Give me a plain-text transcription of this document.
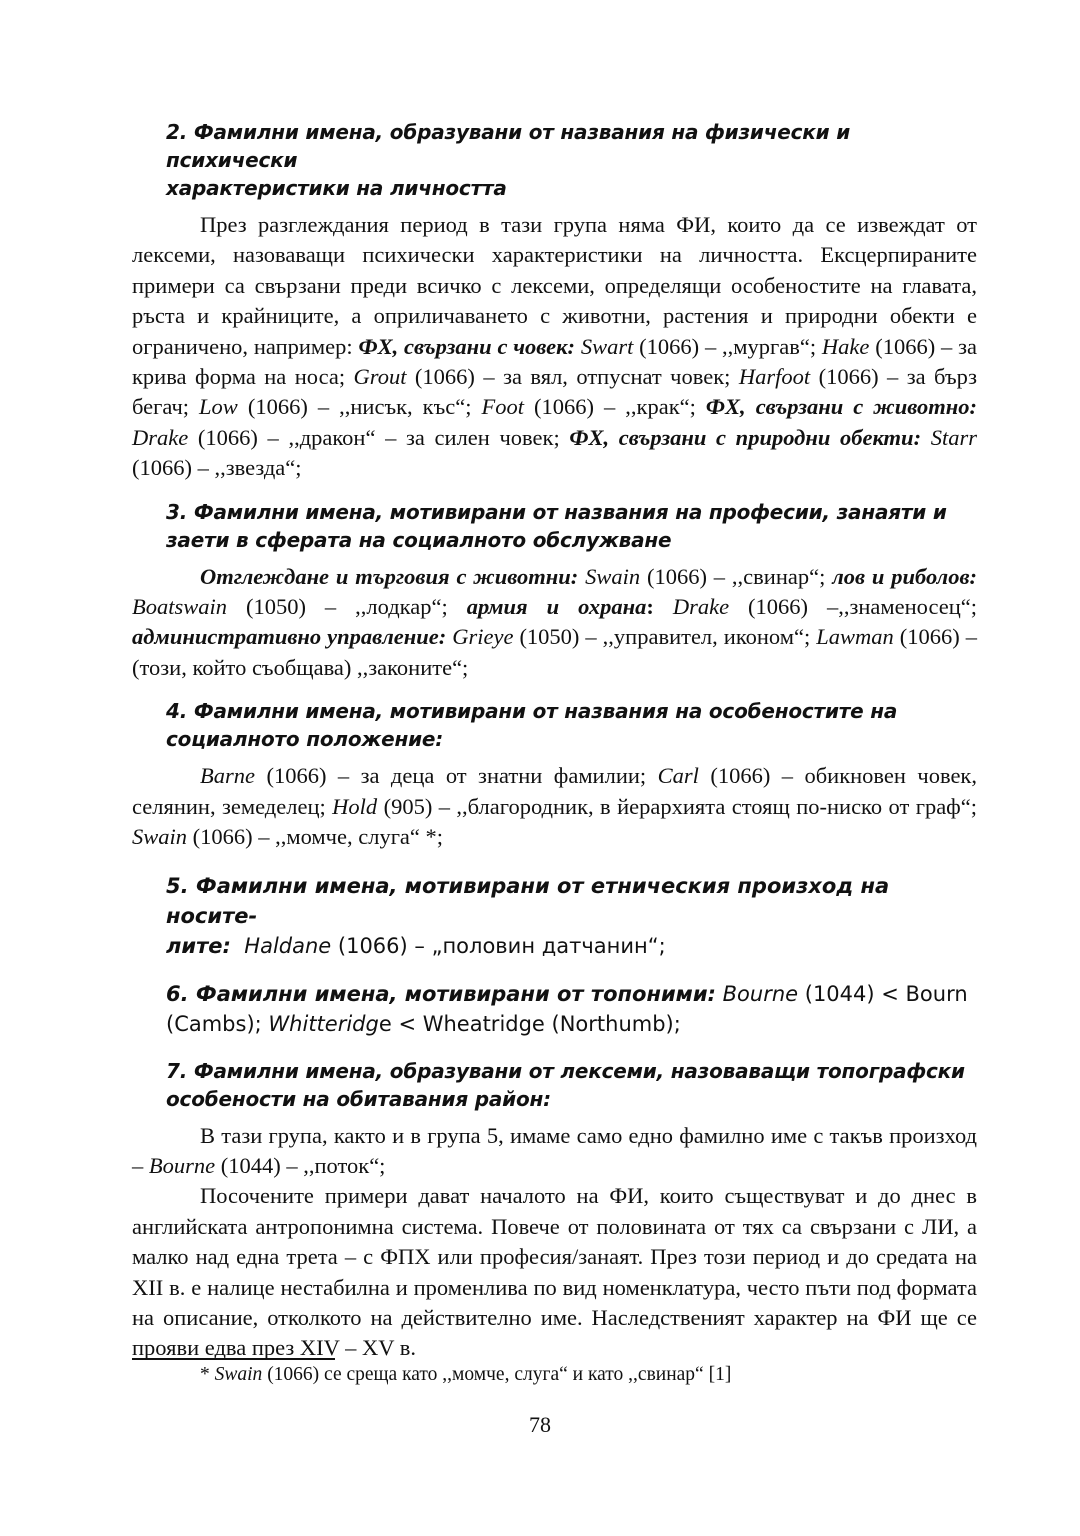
2. Фамилни имена, образувани от названия на физически и психически
характеристики на личността

През разглеждания период в тази група няма ФИ, които да се извеждат от лексеми, назоваващи психически характеристики на личността. Ексцерпираните примери са свързани преди всичко с лексеми, определящи особеностите на главата, ръста и крайниците, а оприличаването с животни, растения и природни обекти е ограничено, например: ФХ, свързани с човек: Swart (1066) – ,,мургав“; Hake (1066) – за крива форма на носа; Grout (1066) – за вял, отпуснат човек; Harfoot (1066) – за бърз бегач; Low (1066) – ,,нисък, къс“; Foot (1066) – ,,крак“; ФХ, свързани с животно: Drake (1066) – ,,дракон“ – за силен човек; ФХ, свързани с природни обекти: Starr (1066) – ,,звезда“;

3. Фамилни имена, мотивирани от названия на професии, занаяти и
заети в сферата на социалното обслужване

Отглеждане и търговия с животни: Swain (1066) – ,,свинар“; лов и риболов: Boatswain (1050) – ,,лодкар“; армия и охрана: Drake (1066) –,,знаменосец“; административно управление: Grieye (1050) – ,,управител, иконом“; Lawman (1066) – (този, който съобщава) ,,законите“;

4. Фамилни имена, мотивирани от названия на особеностите на
социалното положение:

Barne (1066) – за деца от знатни фамилии; Carl (1066) – обикновен човек, селянин, земеделец; Hold (905) – ,,благородник, в йерархията стоящ по-ниско от граф“; Swain (1066) – ,,момче, слуга“ *;

5. Фамилни имена, мотивирани от етническия произход на носите-
лите: Haldane (1066) – „половин датчанин“;
6. Фамилни имена, мотивирани от топоними: Bourne (1044) < Bourn
(Cambs); Whitteridge < Wheatridge (Northumb);
7. Фамилни имена, образувани от лексеми, назоваващи топографски
особености на обитавания район:

В тази група, както и в група 5, имаме само едно фамилно име с такъв произход – Bourne (1044) – ,,поток“;

Посочените примери дават началото на ФИ, които съществуват и до днес в английската антропонимна система. Повече от половината от тях са свързани с ЛИ, а малко над една трета – с ФПХ или професия/занаят. През този период и до средата на XII в. е налице нестабилна и променлива по вид номенклатура, често пъти под формата на описание, отколкото на действително име. Наследственият характер на ФИ ще се прояви едва през XIV – XV в.

* Swain (1066) се среща като ,,момче, слуга“ и като ,,свинар“ [1]
78
